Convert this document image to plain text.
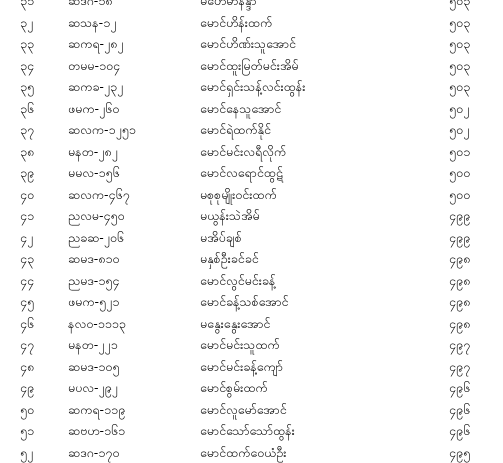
၃၁	ဆဒဂ-၁၈	မဟေမာနန္ဒာ	၅၀၃
၃၂	ဆသန-၁၂	မောင်ဟိန်းထက်	၅၀၃
၃၃	ဆကရ-၂၈၂	မောင်ဟိဏ်းသူအောင်	၅၀၃
၃၄	တမမ-၁၀၄	မောင်ထူးမြတ်မင်းအိမ်	၅၀၃
၃၅	ဆကခ-၂၃၂	မောင်ရှင်းသန့်လင်းထွန်း	၅၀၃
၃၆	ဖမက-၂၆၀	မောင်နေသူအောင်	၅၀၂
၃၇	ဆလက-၁၂၅၁	မောင်ရဲထက်နိုင်	၅၀၂
၃၈	မနတ-၂၈၂	မောင်မင်းလရီလိုက်	၅၀၁
၃၉	မမလ-၁၅၆	မောင်လရောင်ထွဋ်	၅၀၀
၄၀	ဆလက-၄၆၇	မစုစုမျိုးဝင်းထက်	၅၀၀
၄၁	ညလမ-၄၅၀	မယွန်းသဲအိမ်	၄၉၉
၄၂	ညခဆ-၂၀၆	မအိပ်ချစ်	၄၉၉
၄၃	ဆမဒ-၈၁၀	မနှစ်ဦးခင်ခင်	၄၉၈
၄၄	ညမဒ-၁၅၄	မောင်လွင်မင်းခန့်	၄၉၈
၄၅	ဖမက-၅၂၁	မောင်ခန့်သစ်အောင်	၄၉၈
၄၆	နလဝ-၁၁၁၃	မနွေးနွေးအောင်	၄၉၈
၄၇	မနတ-၂၂၁	မောင်မင်းသူထက်	၄၉၇
၄၈	ဆမဒ-၁၀၅	မောင်မင်းခန့်ကျော်	၄၉၇
၄၉	မပလ-၂၉၂	မောင်စွမ်းထက်	၄၉၆
၅၀	ဆကရ-၁၁၉	မောင်လူမော်အောင်	၄၉၆
၅၁	ဆဗဟ-၁၆၁	မောင်သော်သော်ထွန်း	၄၉၆
၅၂	ဆဒဂ-၁၇၀	မောင်ထက်ဝေယံဦး	၄၉၅
